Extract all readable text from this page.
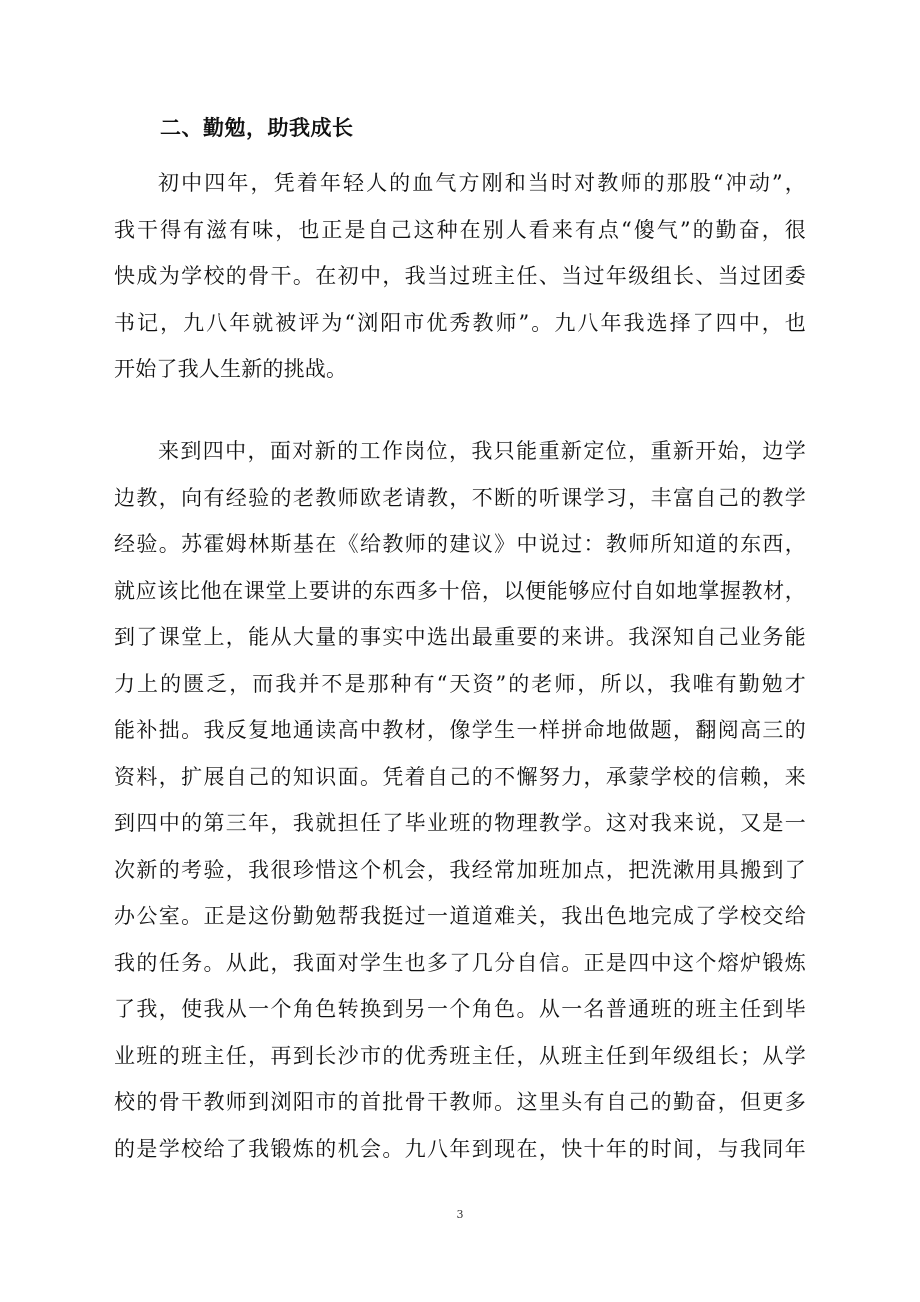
二、勤勉，助我成长
初中四年，凭着年轻人的血气方刚和当时对教师的那股“冲动”，
我干得有滋有味，也正是自己这种在别人看来有点“傻气”的勤奋，很
快成为学校的骨干。在初中，我当过班主任、当过年级组长、当过团委
书记，九八年就被评为“浏阳市优秀教师”。九八年我选择了四中，也
开始了我人生新的挑战。
来到四中，面对新的工作岗位，我只能重新定位，重新开始，边学
边教，向有经验的老教师欧老请教，不断的听课学习，丰富自己的教学
经验。苏霍姆林斯基在《给教师的建议》中说过：教师所知道的东西，
就应该比他在课堂上要讲的东西多十倍，以便能够应付自如地掌握教材，
到了课堂上，能从大量的事实中选出最重要的来讲。我深知自己业务能
力上的匮乏，而我并不是那种有“天资”的老师，所以，我唯有勤勉才
能补拙。我反复地通读高中教材，像学生一样拼命地做题，翻阅高三的
资料，扩展自己的知识面。凭着自己的不懈努力，承蒙学校的信赖，来
到四中的第三年，我就担任了毕业班的物理教学。这对我来说，又是一
次新的考验，我很珍惜这个机会，我经常加班加点，把洗漱用具搬到了
办公室。正是这份勤勉帮我挺过一道道难关，我出色地完成了学校交给
我的任务。从此，我面对学生也多了几分自信。正是四中这个熔炉锻炼
了我，使我从一个角色转换到另一个角色。从一名普通班的班主任到毕
业班的班主任，再到长沙市的优秀班主任，从班主任到年级组长；从学
校的骨干教师到浏阳市的首批骨干教师。这里头有自己的勤奋，但更多
的是学校给了我锻炼的机会。九八年到现在，快十年的时间，与我同年
3
